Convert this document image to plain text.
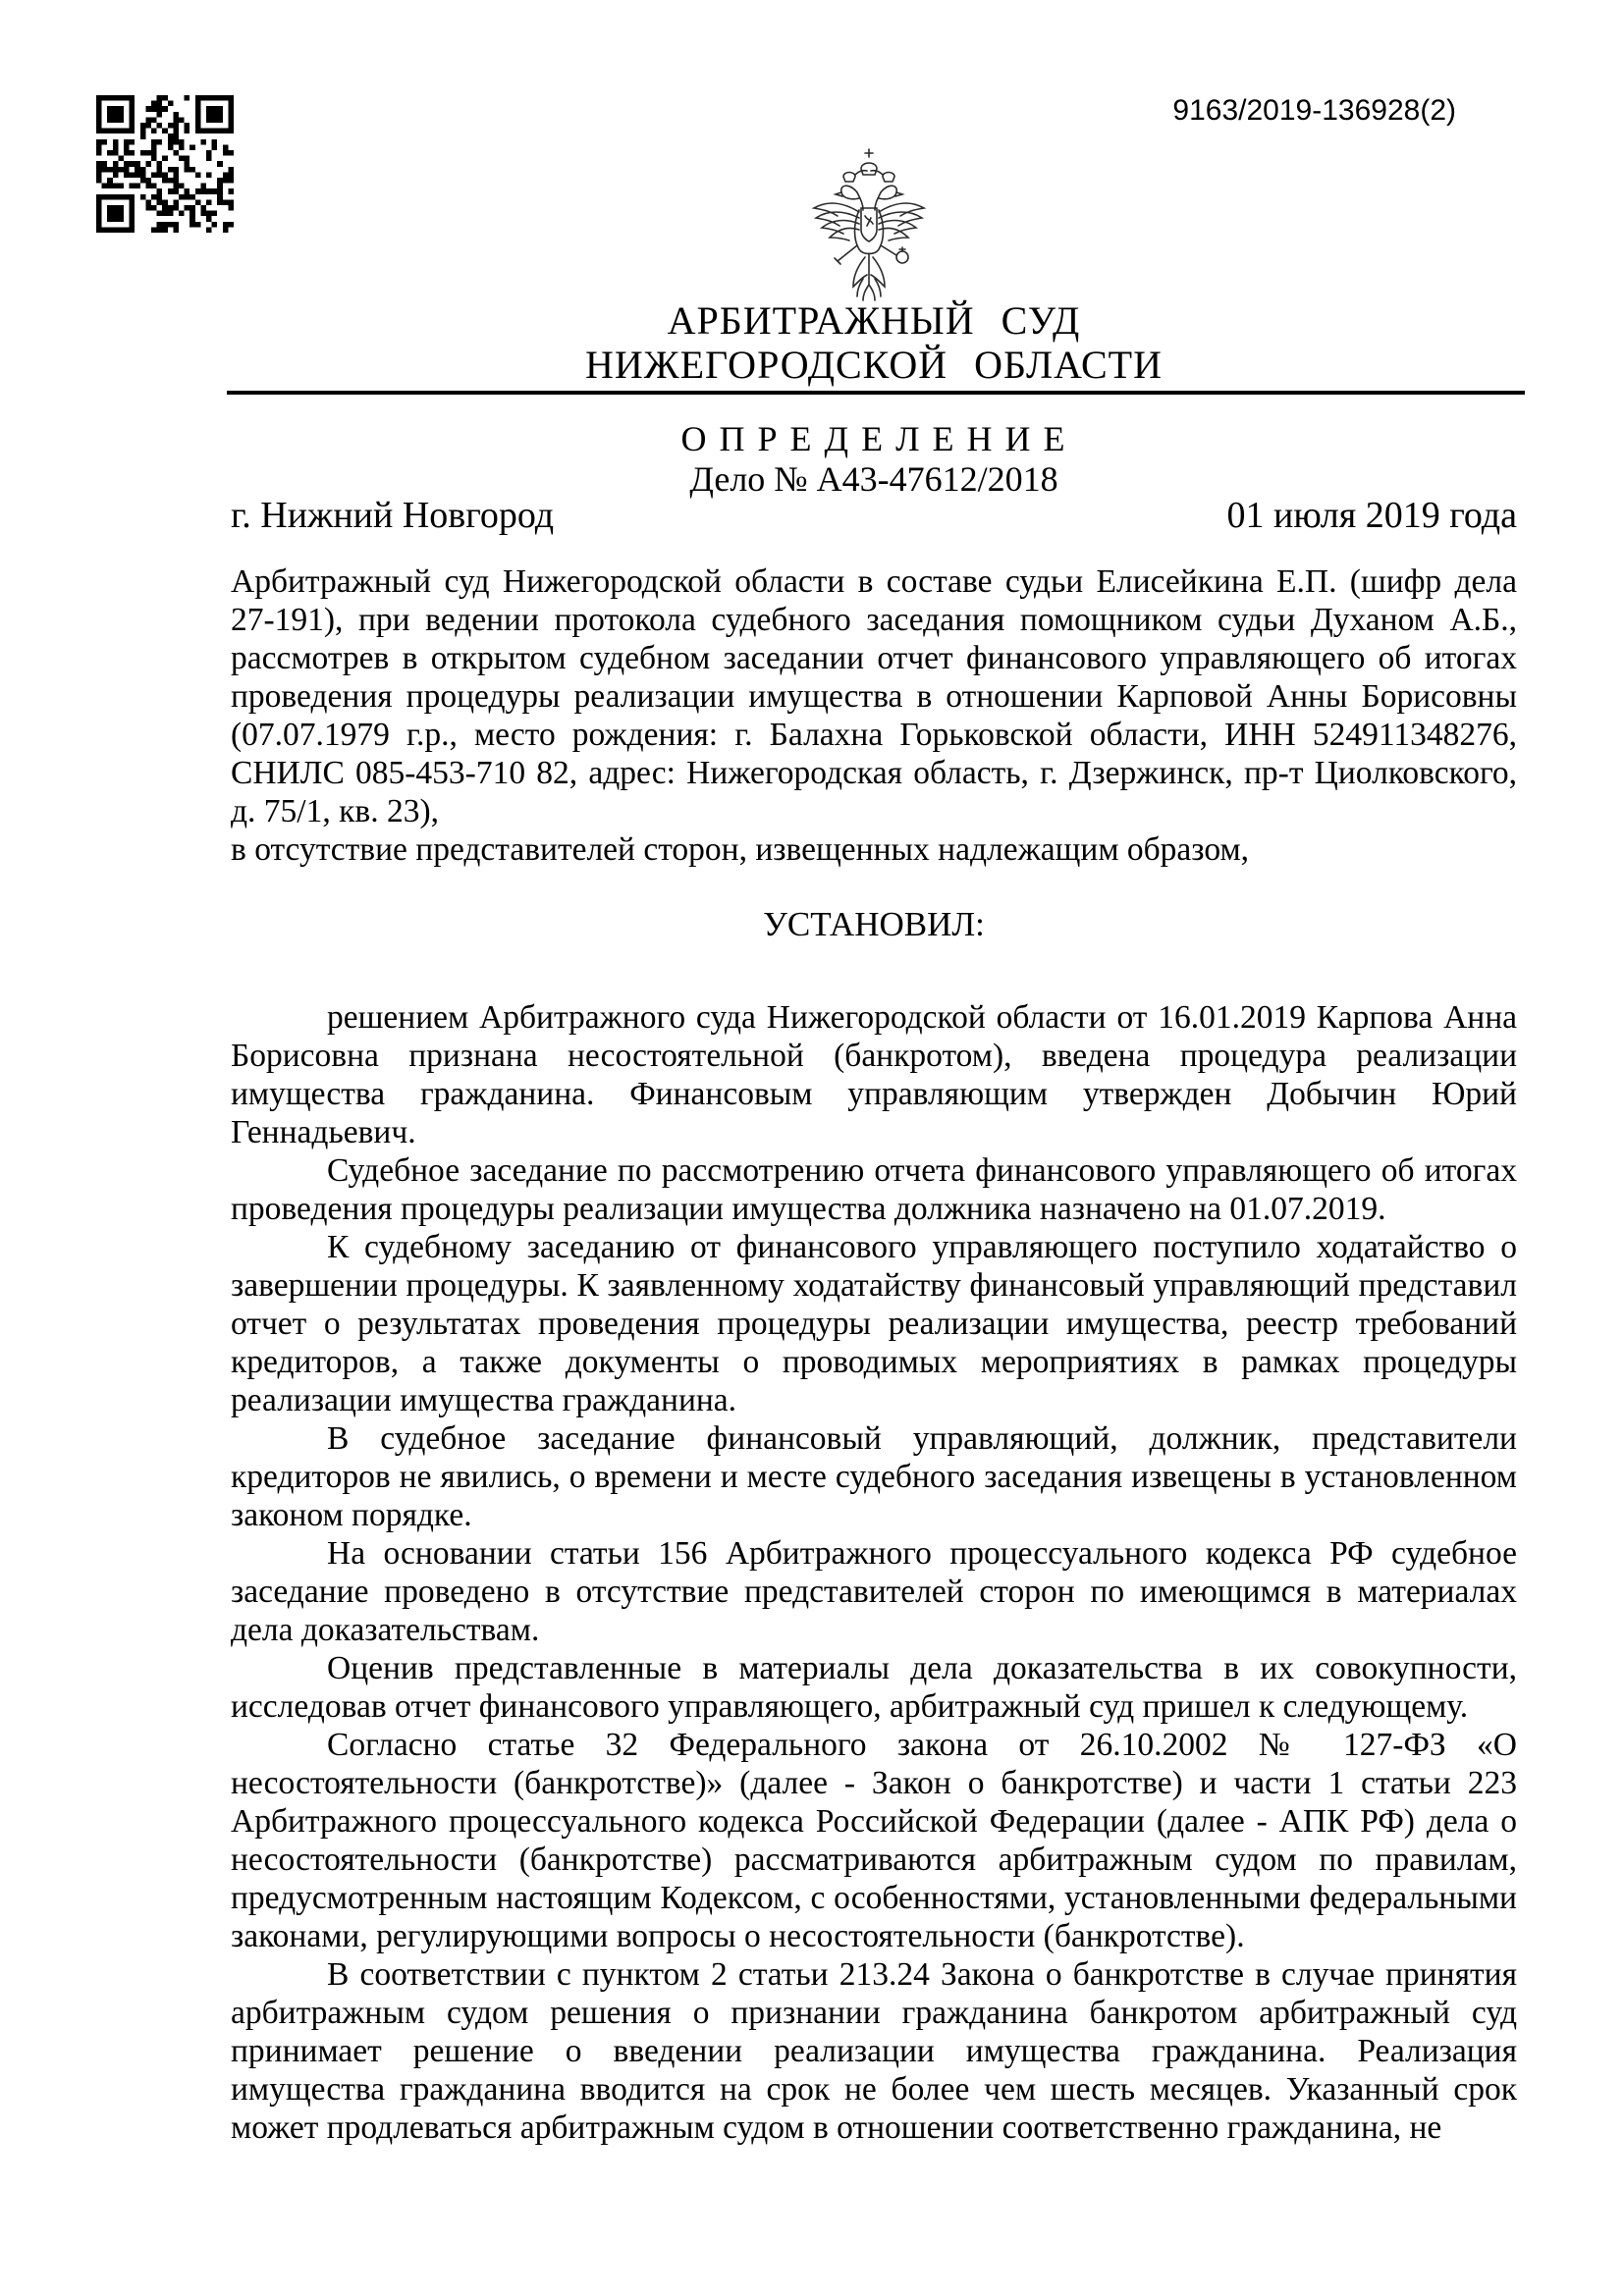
9163/2019-136928(2)
АРБИТРАЖНЫЙ СУД
НИЖЕГОРОДСКОЙ ОБЛАСТИ
О П Р Е Д Е Л Е Н И Е
Дело № А43-47612/2018
г. Нижний Новгород	01 июля 2019 года

Арбитражный суд Нижегородской области в составе судьи Елисейкина Е.П. (шифр дела 27-191), при ведении протокола судебного заседания помощником судьи Духаном А.Б., рассмотрев в открытом судебном заседании отчет финансового управляющего об итогах проведения процедуры реализации имущества в отношении Карповой Анны Борисовны (07.07.1979 г.р., место рождения: г. Балахна Горьковской области, ИНН 524911348276, СНИЛС 085-453-710 82, адрес: Нижегородская область, г. Дзержинск, пр-т Циолковского, д. 75/1, кв. 23),

в отсутствие представителей сторон, извещенных надлежащим образом,

УСТАНОВИЛ:

решением Арбитражного суда Нижегородской области от 16.01.2019 Карпова Анна Борисовна признана несостоятельной (банкротом), введена процедура реализации имущества гражданина. Финансовым управляющим утвержден Добычин Юрий Геннадьевич.

Судебное заседание по рассмотрению отчета финансового управляющего об итогах проведения процедуры реализации имущества должника назначено на 01.07.2019.

К судебному заседанию от финансового управляющего поступило ходатайство о завершении процедуры. К заявленному ходатайству финансовый управляющий представил отчет о результатах проведения процедуры реализации имущества, реестр требований кредиторов, а также документы о проводимых мероприятиях в рамках процедуры реализации имущества гражданина.

В судебное заседание финансовый управляющий, должник, представители кредиторов не явились, о времени и месте судебного заседания извещены в установленном законом порядке.

На основании статьи 156 Арбитражного процессуального кодекса РФ судебное заседание проведено в отсутствие представителей сторон по имеющимся в материалах дела доказательствам.

Оценив представленные в материалы дела доказательства в их совокупности, исследовав отчет финансового управляющего, арбитражный суд пришел к следующему.

Согласно статье 32 Федерального закона от 26.10.2002 № 127-ФЗ «О несостоятельности (банкротстве)» (далее - Закон о банкротстве) и части 1 статьи 223 Арбитражного процессуального кодекса Российской Федерации (далее - АПК РФ) дела о несостоятельности (банкротстве) рассматриваются арбитражным судом по правилам, предусмотренным настоящим Кодексом, с особенностями, установленными федеральными законами, регулирующими вопросы о несостоятельности (банкротстве).

В соответствии с пунктом 2 статьи 213.24 Закона о банкротстве в случае принятия арбитражным судом решения о признании гражданина банкротом арбитражный суд принимает решение о введении реализации имущества гражданина. Реализация имущества гражданина вводится на срок не более чем шесть месяцев. Указанный срок может продлеваться арбитражным судом в отношении соответственно гражданина, не
